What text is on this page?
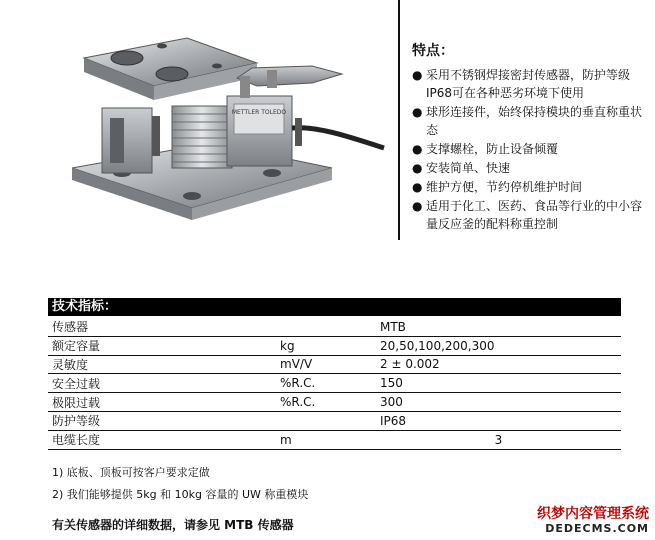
METTLER TOLEDO
特点：
● 采用不锈钢焊接密封传感器，防护等级IP68可在各种恶劣环境下使用
● 球形连接件，始终保持模块的垂直称重状态
● 支撑螺栓，防止设备倾覆
● 安装简单、快速
● 维护方便，节约停机维护时间
● 适用于化工、医药、食品等行业的中小容量反应釜的配料称重控制
技术指标：
传感器		MTB
额定容量	kg	20,50,100,200,300
灵敏度	mV/V	2 ± 0.002
安全过载	%R.C.	150
极限过载	%R.C.	300
防护等级		IP68
电缆长度	m	3
1) 底板、顶板可按客户要求定做
2) 我们能够提供 5kg 和 10kg 容量的 UW 称重模块
有关传感器的详细数据，请参见 MTB 传感器
织梦内容管理系统
DEDECMS.COM
